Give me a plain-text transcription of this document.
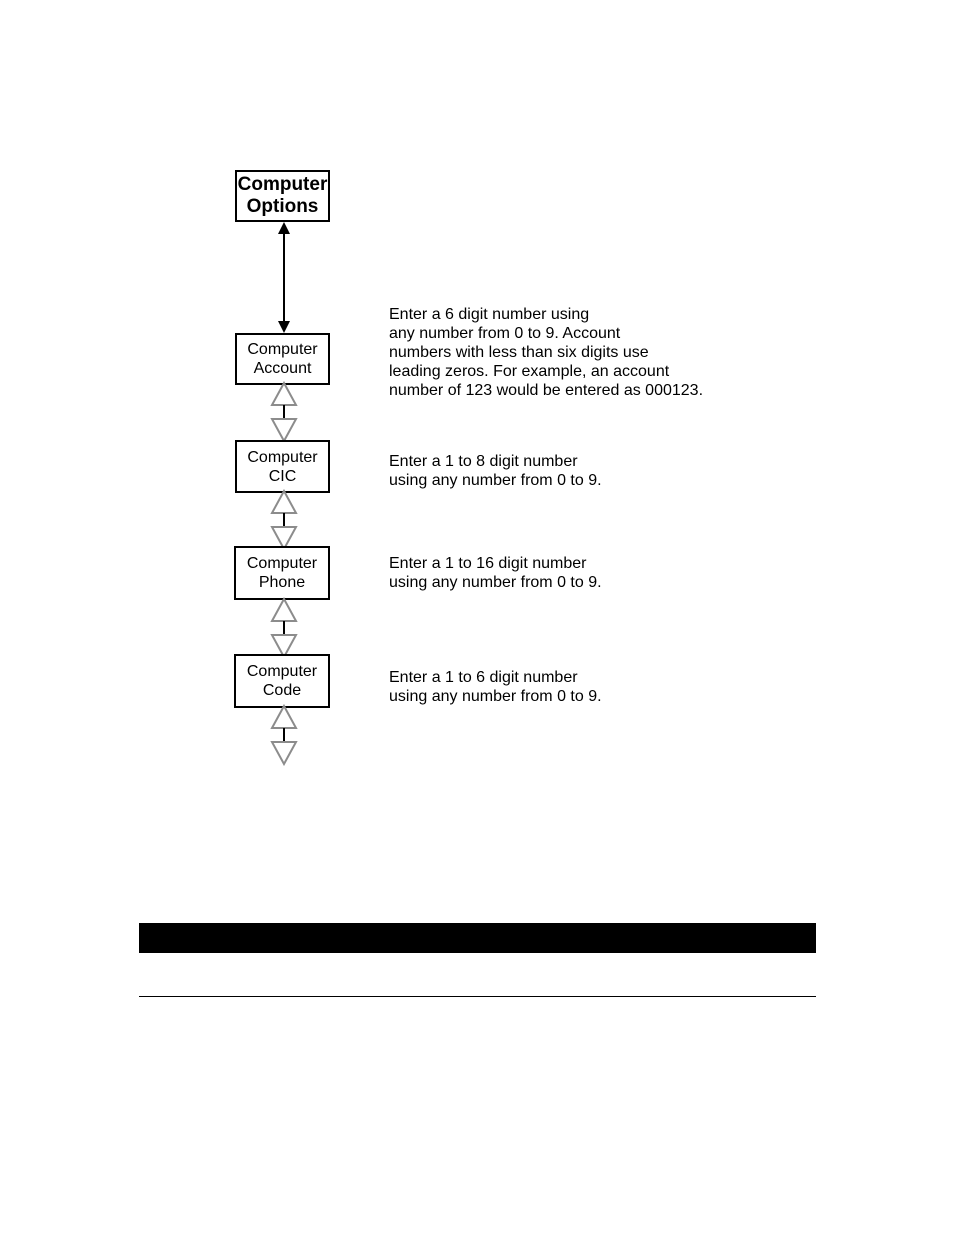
Computer
Options
Computer
Account
Enter a 6 digit number using
any number from 0 to 9. Account
numbers with less than six digits use
leading zeros. For example, an account
number of 123 would be entered as 000123.
Computer
CIC
Enter a 1 to 8 digit number
using any number from 0 to 9.
Computer
Phone
Enter a 1 to 16 digit number
using any number from 0 to 9.
Computer
Code
Enter a 1 to 6 digit number
using any number from 0 to 9.
